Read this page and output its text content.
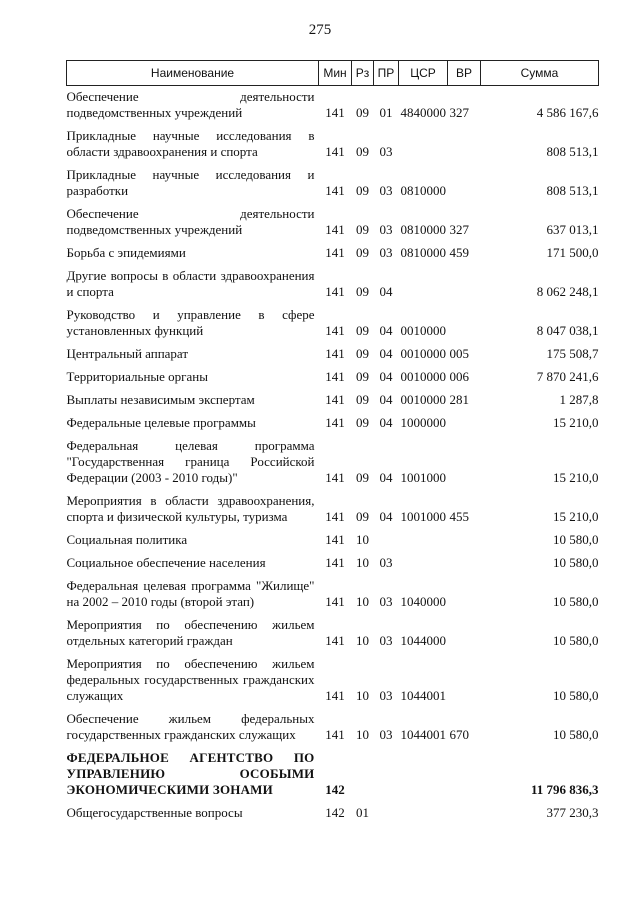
275
Наименование	Мин	Рз	ПР	ЦСР	ВР	Сумма
Обеспечение деятельности подведомственных учреждений	141	09	01	4840000	327	4 586 167,6
Прикладные научные исследования в области здравоохранения и спорта	141	09	03			808 513,1
Прикладные научные исследования и разработки	141	09	03	0810000		808 513,1
Обеспечение деятельности подведомственных учреждений	141	09	03	0810000	327	637 013,1
Борьба с эпидемиями	141	09	03	0810000	459	171 500,0
Другие вопросы в области здравоохранения и спорта	141	09	04			8 062 248,1
Руководство и управление в сфере установленных функций	141	09	04	0010000		8 047 038,1
Центральный аппарат	141	09	04	0010000	005	175 508,7
Территориальные органы	141	09	04	0010000	006	7 870 241,6
Выплаты независимым экспертам	141	09	04	0010000	281	1 287,8
Федеральные целевые программы	141	09	04	1000000		15 210,0
Федеральная целевая программа "Государственная граница Российской Федерации (2003 - 2010 годы)"	141	09	04	1001000		15 210,0
Мероприятия в области здравоохранения, спорта и физической культуры, туризма	141	09	04	1001000	455	15 210,0
Социальная политика	141	10				10 580,0
Социальное обеспечение населения	141	10	03			10 580,0
Федеральная целевая программа "Жилище" на 2002 – 2010 годы (второй этап)	141	10	03	1040000		10 580,0
Мероприятия по обеспечению жильем отдельных категорий граждан	141	10	03	1044000		10 580,0
Мероприятия по обеспечению жильем федеральных государственных гражданских служащих	141	10	03	1044001		10 580,0
Обеспечение жильем федеральных государственных гражданских служащих	141	10	03	1044001	670	10 580,0
ФЕДЕРАЛЬНОЕ АГЕНТСТВО ПО УПРАВЛЕНИЮ ОСОБЫМИ ЭКОНОМИЧЕСКИМИ ЗОНАМИ	142					11 796 836,3
Общегосударственные вопросы	142	01				377 230,3
